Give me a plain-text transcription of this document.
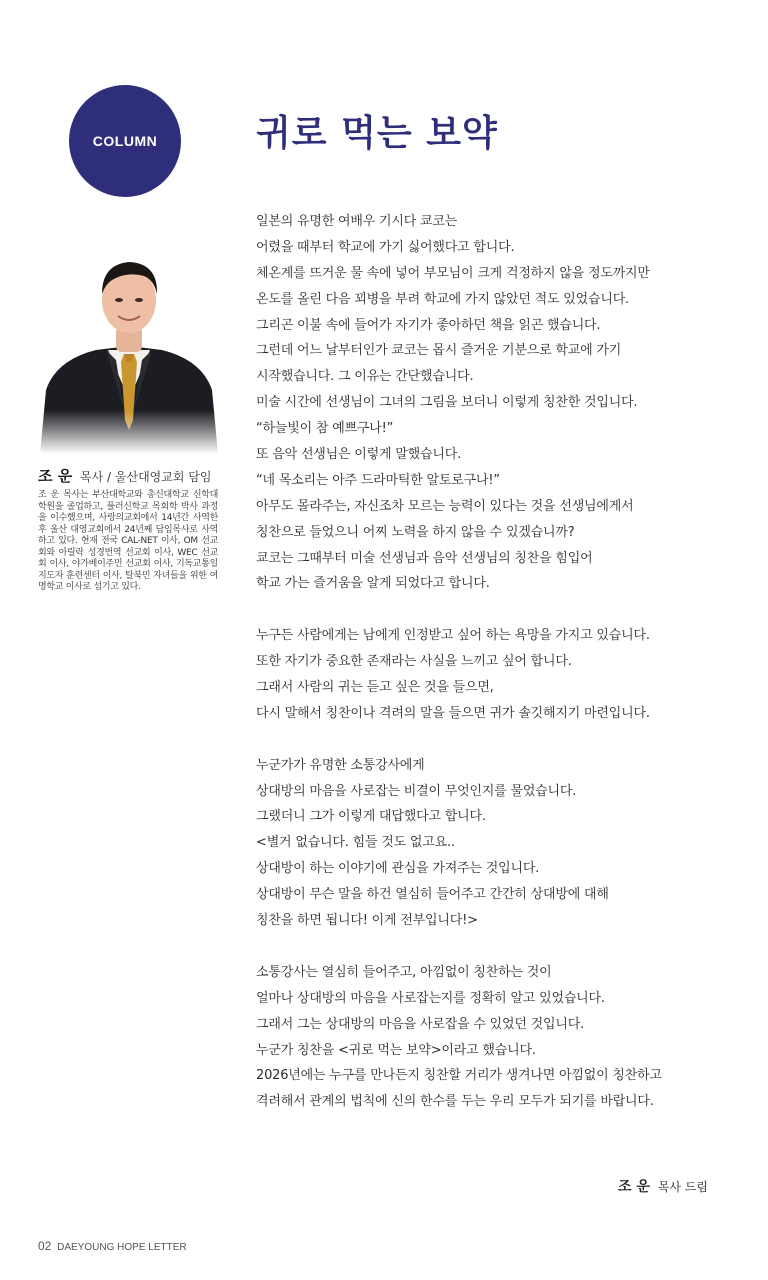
COLUMN	귀로 먹는 보약
조 운 목사 / 울산대영교회 담임
조 운 목사는 부산대학교와 총신대학교 신학대학원을 졸업하고, 풀러신학교 목회학 박사 과정을 이수했으며, 사랑의교회에서 14년간 사역한 후 울산 대영교회에서 24년째 담임목사로 사역하고 있다. 현재 전국 CAL-NET 이사, OM 선교회와 아릴락 성경번역 선교회 이사, WEC 선교회 이사, 야가베이주민 선교회 이사, 기독교통일지도자 훈련센터 이사, 탈북민 자녀들을 위한 여명학교 이사로 섬기고 있다.
일본의 유명한 여배우 기시다 쿄코는
어렸을 때부터 학교에 가기 싫어했다고 합니다.
체온계를 뜨거운 물 속에 넣어 부모님이 크게 걱정하지 않을 정도까지만
온도를 올린 다음 꾀병을 부려 학교에 가지 않았던 적도 있었습니다.
그리곤 이불 속에 들어가 자기가 좋아하던 책을 읽곤 했습니다.
그런데 어느 날부터인가 쿄코는 몹시 즐거운 기분으로 학교에 가기
시작했습니다. 그 이유는 간단했습니다.
미술 시간에 선생님이 그녀의 그림을 보더니 이렇게 칭찬한 것입니다.
“하늘빛이 참 예쁘구나!”
또 음악 선생님은 이렇게 말했습니다.
“네 목소리는 아주 드라마틱한 알토로구나!”
아무도 몰라주는, 자신조차 모르는 능력이 있다는 것을 선생님에게서
칭찬으로 들었으니 어찌 노력을 하지 않을 수 있겠습니까?
쿄코는 그때부터 미술 선생님과 음악 선생님의 칭찬을 힘입어
학교 가는 즐거움을 알게 되었다고 합니다.
누구든 사람에게는 남에게 인정받고 싶어 하는 욕망을 가지고 있습니다.
또한 자기가 중요한 존재라는 사실을 느끼고 싶어 합니다.
그래서 사람의 귀는 듣고 싶은 것을 들으면,
다시 말해서 칭찬이나 격려의 말을 들으면 귀가 솔깃해지기 마련입니다.
누군가가 유명한 소통강사에게
상대방의 마음을 사로잡는 비결이 무엇인지를 물었습니다.
그랬더니 그가 이렇게 대답했다고 합니다.
<별거 없습니다. 힘들 것도 없고요..
상대방이 하는 이야기에 관심을 가져주는 것입니다.
상대방이 무슨 말을 하건 열심히 들어주고 간간히 상대방에 대해
칭찬을 하면 됩니다! 이게 전부입니다!>
소통강사는 열심히 들어주고, 아낌없이 칭찬하는 것이
얼마나 상대방의 마음을 사로잡는지를 정확히 알고 있었습니다.
그래서 그는 상대방의 마음을 사로잡을 수 있었던 것입니다.
누군가 칭찬을 <귀로 먹는 보약>이라고 했습니다.
2026년에는 누구를 만나든지 칭찬할 거리가 생겨나면 아낌없이 칭찬하고
격려해서 관계의 법칙에 신의 한수를 두는 우리 모두가 되기를 바랍니다.
조 운 목사 드림
02 DAEYOUNG HOPE LETTER
